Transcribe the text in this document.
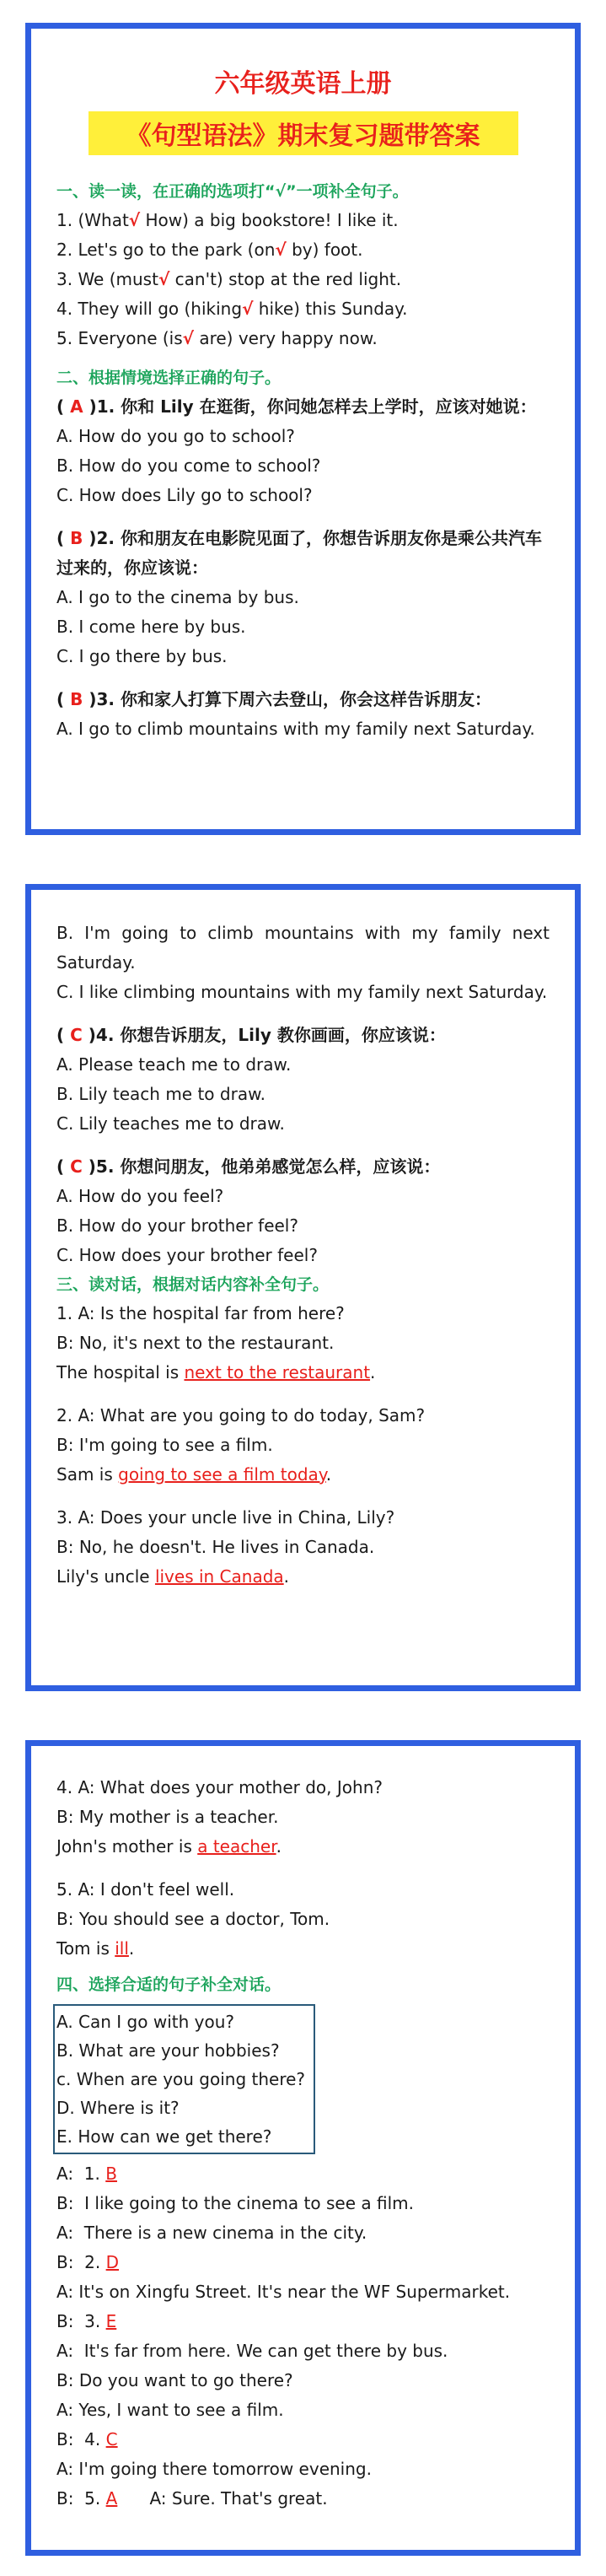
六年级英语上册
《句型语法》期末复习题带答案
一、读一读，在正确的选项打“√”一项补全句子。
1. (What√ How) a big bookstore! I like it.
2. Let's go to the park (on√ by) foot.
3. We (must√ can't) stop at the red light.
4. They will go (hiking√ hike) this Sunday.
5. Everyone (is√ are) very happy now.
二、根据情境选择正确的句子。
( A )1. 你和 Lily 在逛街，你问她怎样去上学时，应该对她说：
A. How do you go to school?
B. How do you come to school?
C. How does Lily go to school?
( B )2. 你和朋友在电影院见面了，你想告诉朋友你是乘公共汽车过来的，你应该说：
A. I go to the cinema by bus.
B. I come here by bus.
C. I go there by bus.
( B )3. 你和家人打算下周六去登山，你会这样告诉朋友：
A. I go to climb mountains with my family next Saturday.
B. I'm going to climb mountains with my family next Saturday.
C. I like climbing mountains with my family next Saturday.
( C )4. 你想告诉朋友，Lily 教你画画，你应该说：
A. Please teach me to draw.
B. Lily teach me to draw.
C. Lily teaches me to draw.
( C )5. 你想问朋友，他弟弟感觉怎么样，应该说：
A. How do you feel?
B. How do your brother feel?
C. How does your brother feel?
三、读对话，根据对话内容补全句子。
1. A: Is the hospital far from here?
B: No, it's next to the restaurant.
The hospital is next to the restaurant.
2. A: What are you going to do today, Sam?
B: I'm going to see a film.
Sam is going to see a film today.
3. A: Does your uncle live in China, Lily?
B: No, he doesn't. He lives in Canada.
Lily's uncle lives in Canada.
4. A: What does your mother do, John?
B: My mother is a teacher.
John's mother is a teacher.
5. A: I don't feel well.
B: You should see a doctor, Tom.
Tom is ill.
四、选择合适的句子补全对话。
A. Can I go with you?
B. What are your hobbies?
c. When are you going there?
D. Where is it?
E. How can we get there?
A:  1. B
B:  I like going to the cinema to see a film.
A:  There is a new cinema in the city.
B:  2. D
A: It's on Xingfu Street. It's near the WF Supermarket.
B:  3. E
A:  It's far from here. We can get there by bus.
B: Do you want to go there?
A: Yes, I want to see a film.
B:  4. C
A: I'm going there tomorrow evening.
B:  5. A      A: Sure. That's great.
